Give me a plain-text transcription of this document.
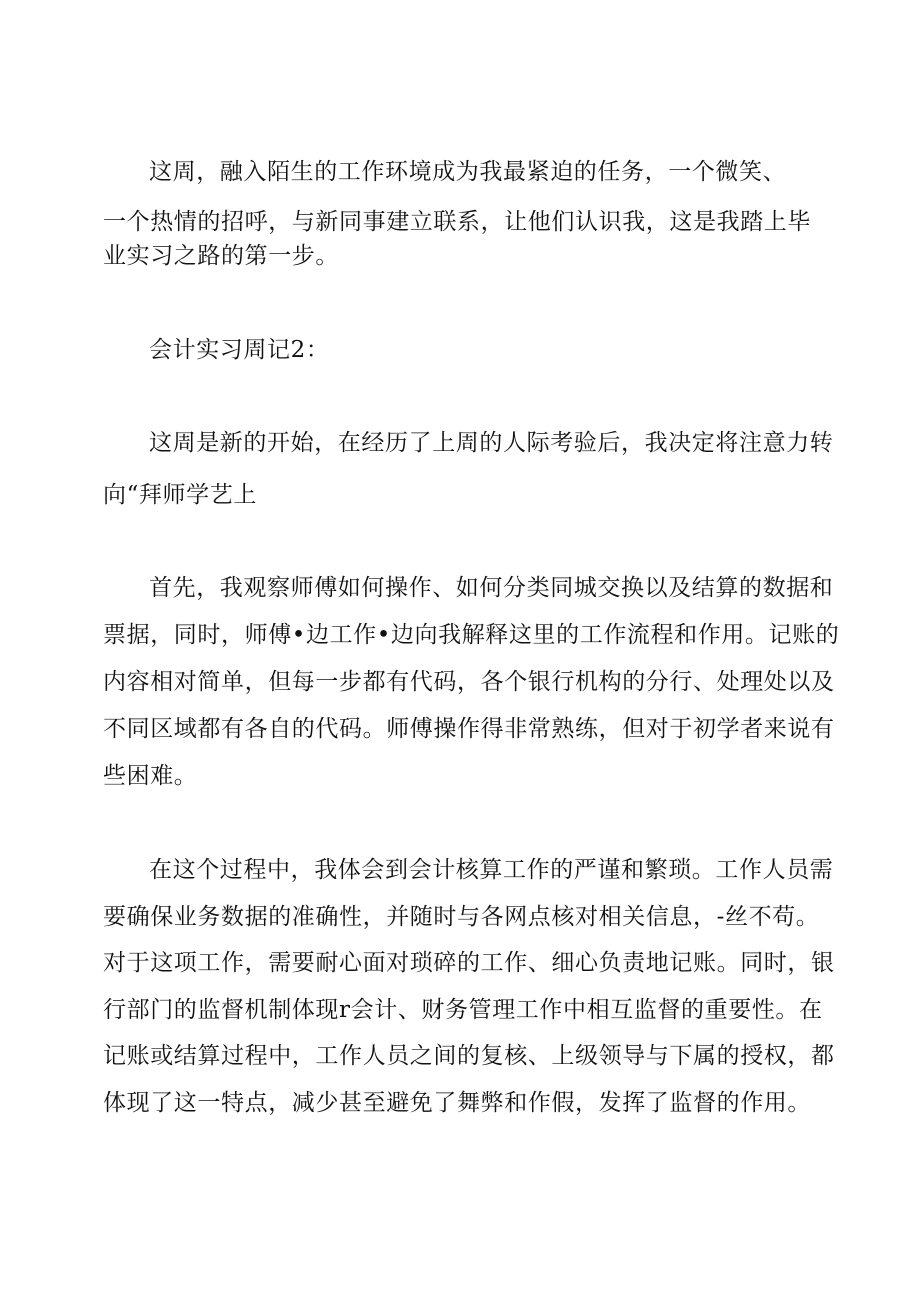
这周，融入陌生的工作环境成为我最紧迫的任务，一个微笑、
一个热情的招呼，与新同事建立联系，让他们认识我，这是我踏上毕
业实习之路的第一步。
会计实习周记2：
这周是新的开始，在经历了上周的人际考验后，我决定将注意力转
向“拜师学艺上
首先，我观察师傅如何操作、如何分类同城交换以及结算的数据和
票据，同时，师傅•边工作•边向我解释这里的工作流程和作用。记账的
内容相对简单，但每一步都有代码，各个银行机构的分行、处理处以及
不同区域都有各自的代码。师傅操作得非常熟练，但对于初学者来说有
些困难。
在这个过程中，我体会到会计核算工作的严谨和繁琐。工作人员需
要确保业务数据的准确性，并随时与各网点核对相关信息，-丝不苟。
对于这项工作，需要耐心面对琐碎的工作、细心负责地记账。同时，银
行部门的监督机制体现r会计、财务管理工作中相互监督的重要性。在
记账或结算过程中，工作人员之间的复核、上级领导与下属的授权，都
体现了这一特点，减少甚至避免了舞弊和作假，发挥了监督的作用。
